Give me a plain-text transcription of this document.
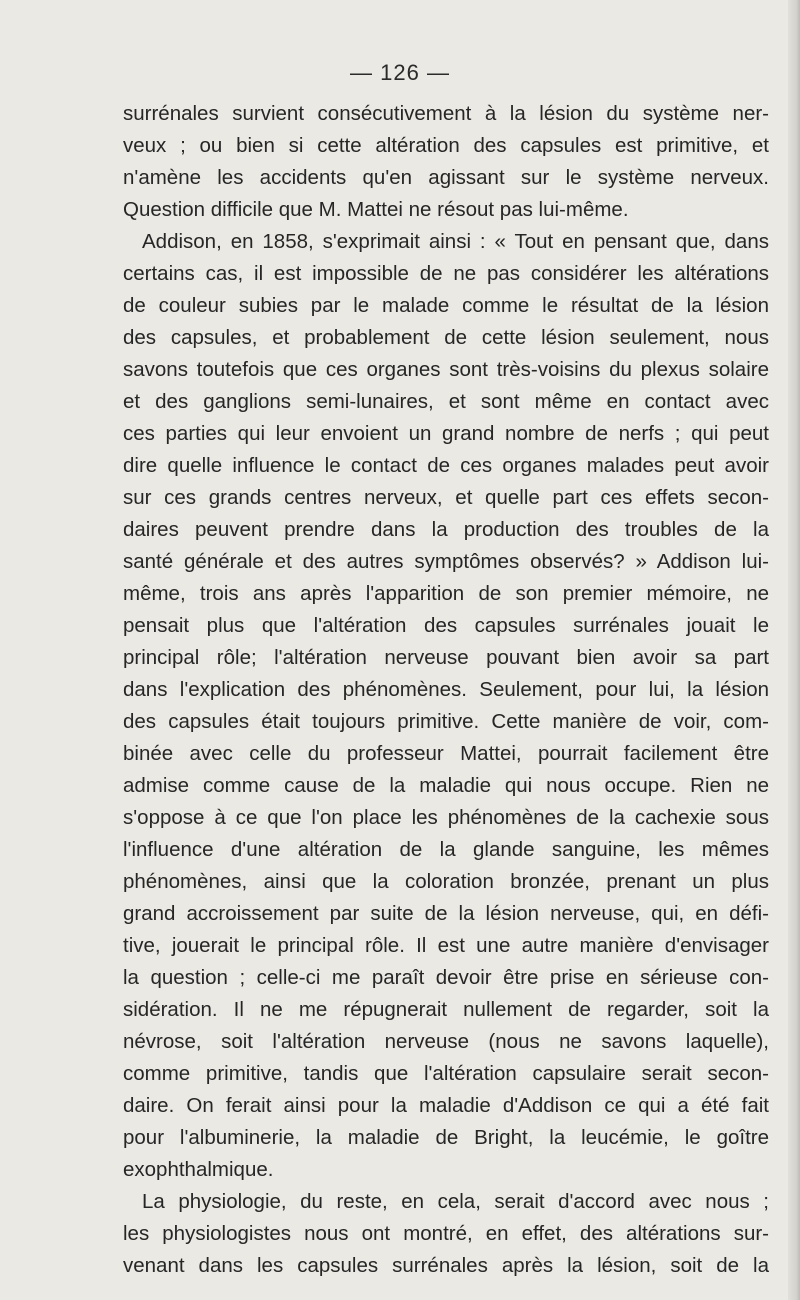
— 126 —
surrénales survient consécutivement à la lésion du système ner-
veux ; ou bien si cette altération des capsules est primitive, et
n'amène les accidents qu'en agissant sur le système nerveux.
Question difficile que M. Mattei ne résout pas lui-même.
Addison, en 1858, s'exprimait ainsi : « Tout en pensant que, dans
certains cas, il est impossible de ne pas considérer les altérations
de couleur subies par le malade comme le résultat de la lésion
des capsules, et probablement de cette lésion seulement, nous
savons toutefois que ces organes sont très-voisins du plexus solaire
et des ganglions semi-lunaires, et sont même en contact avec
ces parties qui leur envoient un grand nombre de nerfs ; qui peut
dire quelle influence le contact de ces organes malades peut avoir
sur ces grands centres nerveux, et quelle part ces effets secon-
daires peuvent prendre dans la production des troubles de la
santé générale et des autres symptômes observés? » Addison lui-
même, trois ans après l'apparition de son premier mémoire, ne
pensait plus que l'altération des capsules surrénales jouait le
principal rôle; l'altération nerveuse pouvant bien avoir sa part
dans l'explication des phénomènes. Seulement, pour lui, la lésion
des capsules était toujours primitive. Cette manière de voir, com-
binée avec celle du professeur Mattei, pourrait facilement être
admise comme cause de la maladie qui nous occupe. Rien ne
s'oppose à ce que l'on place les phénomènes de la cachexie sous
l'influence d'une altération de la glande sanguine, les mêmes
phénomènes, ainsi que la coloration bronzée, prenant un plus
grand accroissement par suite de la lésion nerveuse, qui, en défi-
tive, jouerait le principal rôle. Il est une autre manière d'envisager
la question ; celle-ci me paraît devoir être prise en sérieuse con-
sidération. Il ne me répugnerait nullement de regarder, soit la
névrose, soit l'altération nerveuse (nous ne savons laquelle),
comme primitive, tandis que l'altération capsulaire serait secon-
daire. On ferait ainsi pour la maladie d'Addison ce qui a été fait
pour l'albuminerie, la maladie de Bright, la leucémie, le goître
exophthalmique.
La physiologie, du reste, en cela, serait d'accord avec nous ;
les physiologistes nous ont montré, en effet, des altérations sur-
venant dans les capsules surrénales après la lésion, soit de la
